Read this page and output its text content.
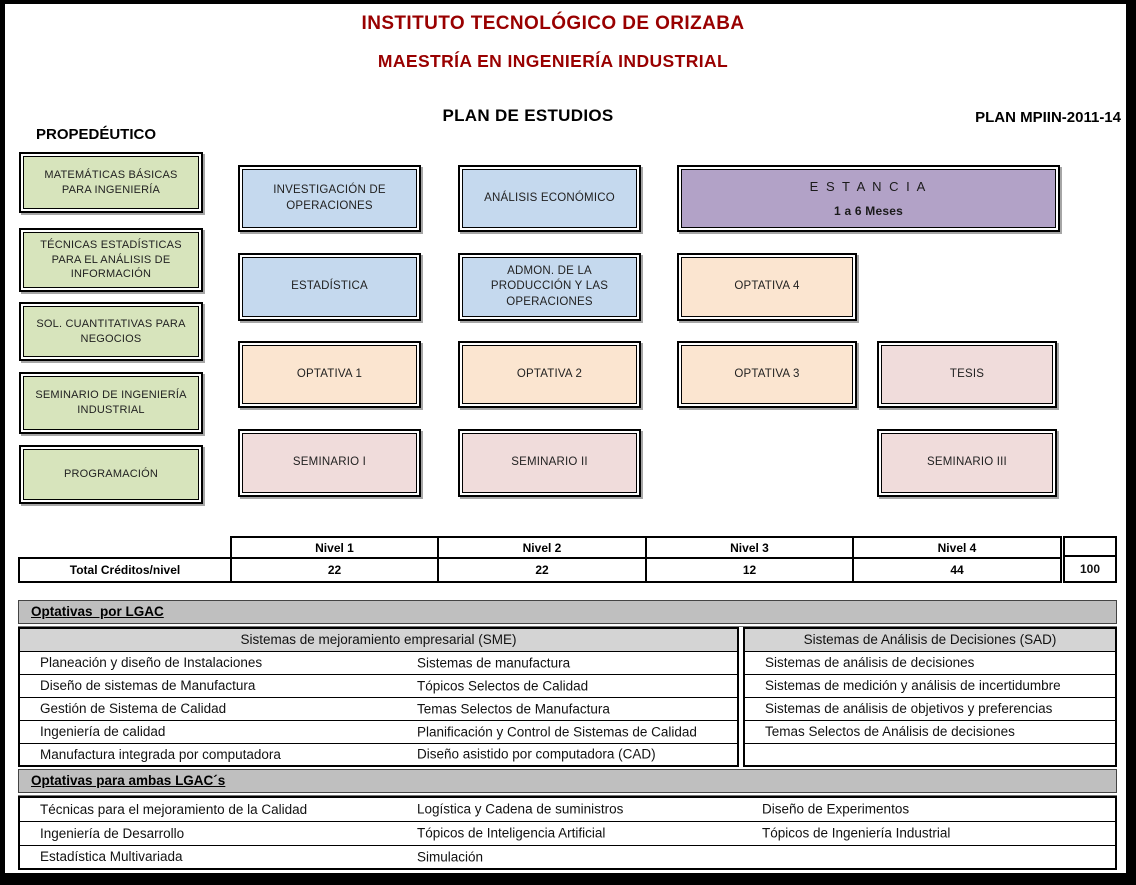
INSTITUTO TECNOLÓGICO DE ORIZABA
MAESTRÍA EN INGENIERÍA INDUSTRIAL
PLAN DE ESTUDIOS	PLAN MPIIN-2011-14
PROPEDÉUTICO
MATEMÁTICAS BÁSICAS PARA INGENIERÍA
TÉCNICAS ESTADÍSTICAS PARA EL ANÁLISIS DE INFORMACIÓN
SOL. CUANTITATIVAS PARA NEGOCIOS
SEMINARIO DE INGENIERÍA INDUSTRIAL
PROGRAMACIÓN
INVESTIGACIÓN DE OPERACIONES
ESTADÍSTICA
OPTATIVA 1
SEMINARIO I
ANÁLISIS ECONÓMICO
ADMON. DE LA PRODUCCIÓN Y LAS OPERACIONES
OPTATIVA 2
SEMINARIO II
E S T A N C I A
1 a 6 Meses
OPTATIVA 4
OPTATIVA 3	TESIS
SEMINARIO III
	Nivel 1	Nivel 2	Nivel 3	Nivel 4
Total Créditos/nivel	22	22	12	44	100
Optativas  por LGAC
Sistemas de mejoramiento empresarial (SME)
Planeación y diseño de Instalaciones	Sistemas de manufactura

Diseño de sistemas de Manufactura	Tópicos Selectos de Calidad

Gestión de Sistema de Calidad	Temas Selectos de Manufactura

Ingeniería de calidad	Planificación y Control de Sistemas de Calidad

Manufactura integrada por computadora	Diseño asistido por computadora (CAD)
Sistemas de Análisis de Decisiones (SAD)
Sistemas de análisis de decisiones
Sistemas de medición y análisis de incertidumbre
Sistemas de análisis de objetivos y preferencias
Temas Selectos de Análisis de decisiones

Optativas para ambas LGAC´s
Técnicas para el mejoramiento de la Calidad	Logística y Cadena de suministros	Diseño de Experimentos

Ingeniería de Desarrollo	Tópicos de Inteligencia Artificial	Tópicos de Ingeniería Industrial

Estadística Multivariada	Simulación
